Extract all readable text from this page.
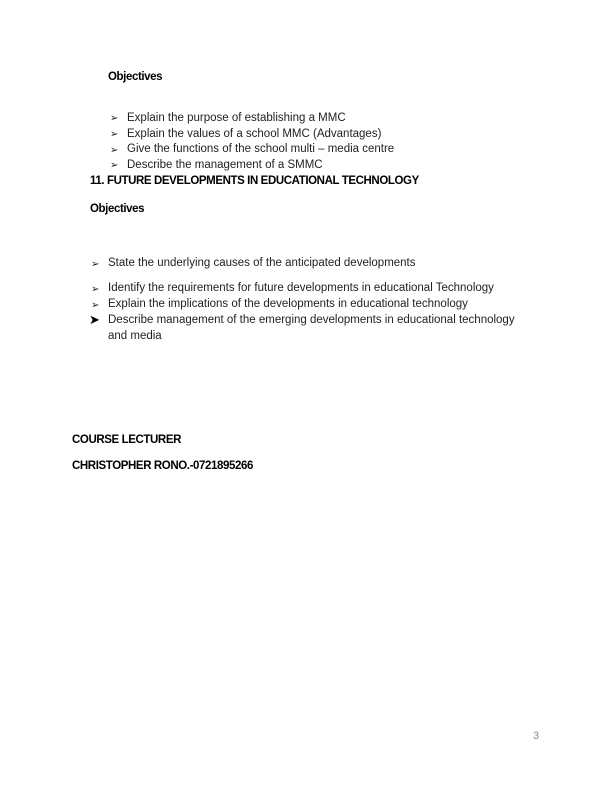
Objectives
➢ Explain the purpose of establishing a MMC
➢ Explain the values of a school MMC (Advantages)
➢ Give the functions of the school multi – media centre
➢ Describe the management of a SMMC
11. FUTURE DEVELOPMENTS IN EDUCATIONAL TECHNOLOGY
Objectives
➢ State the underlying causes of the anticipated developments
➢ Identify the requirements for future developments in educational Technology
➢ Explain the implications of the developments in educational technology
➤ Describe management of the emerging developments in educational technology
and media
COURSE LECTURER
CHRISTOPHER RONO.-0721895266
3
